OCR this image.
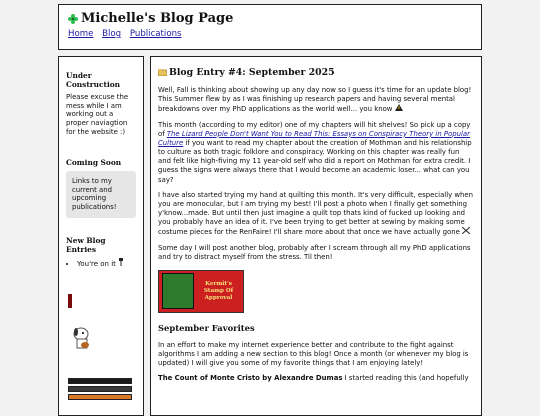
Michelle's Blog Page
Home Blog Publications
Under Construction
Please excuse the mess while I am working out a proper naviagtion for the website :)
Coming Soon
Links to my current and upcoming publications!
New Blog Entries
• You're on it
Blog Entry #4: September 2025

Well, Fall is thinking about showing up any day now so I guess it's time for an update blog! This Summer flew by as I was finishing up research papers and having several mental breakdowns over my PhD applications as the world well... you know

This month (according to my editor) one of my chapters will hit shelves! So pick up a copy of The Lizard People Don't Want You to Read This: Essays on Conspiracy Theory in Popular Culture if you want to read my chapter about the creation of Mothman and his relationship to culture as both tragic folklore and conspiracy. Working on this chapter was really fun and felt like high-fiving my 11 year-old self who did a report on Mothman for extra credit. I guess the signs were always there that I would become an academic loser... what can you say?

I have also started trying my hand at quilting this month. It's very difficult, especially when you are monocular, but I am trying my best! I'll post a photo when I finally get something y'know...made. But until then just imagine a quilt top thats kind of fucked up looking and you probably have an idea of it. I've been trying to get better at sewing by making some costume pieces for the RenFaire! I'll share more about that once we have actually gone

Some day I will post another blog, probably after I scream through all my PhD applications and try to distract myself from the stress. Til then!

Kermit's Stamp Of Approval
September Favorites

In an effort to make my internet experience better and contribute to the fight against algorithms I am adding a new section to this blog! Once a month (or whenever my blog is updated) I will give you some of my favorite things that I am enjoying lately!

The Count of Monte Cristo by Alexandre Dumas I started reading this (and hopefully
